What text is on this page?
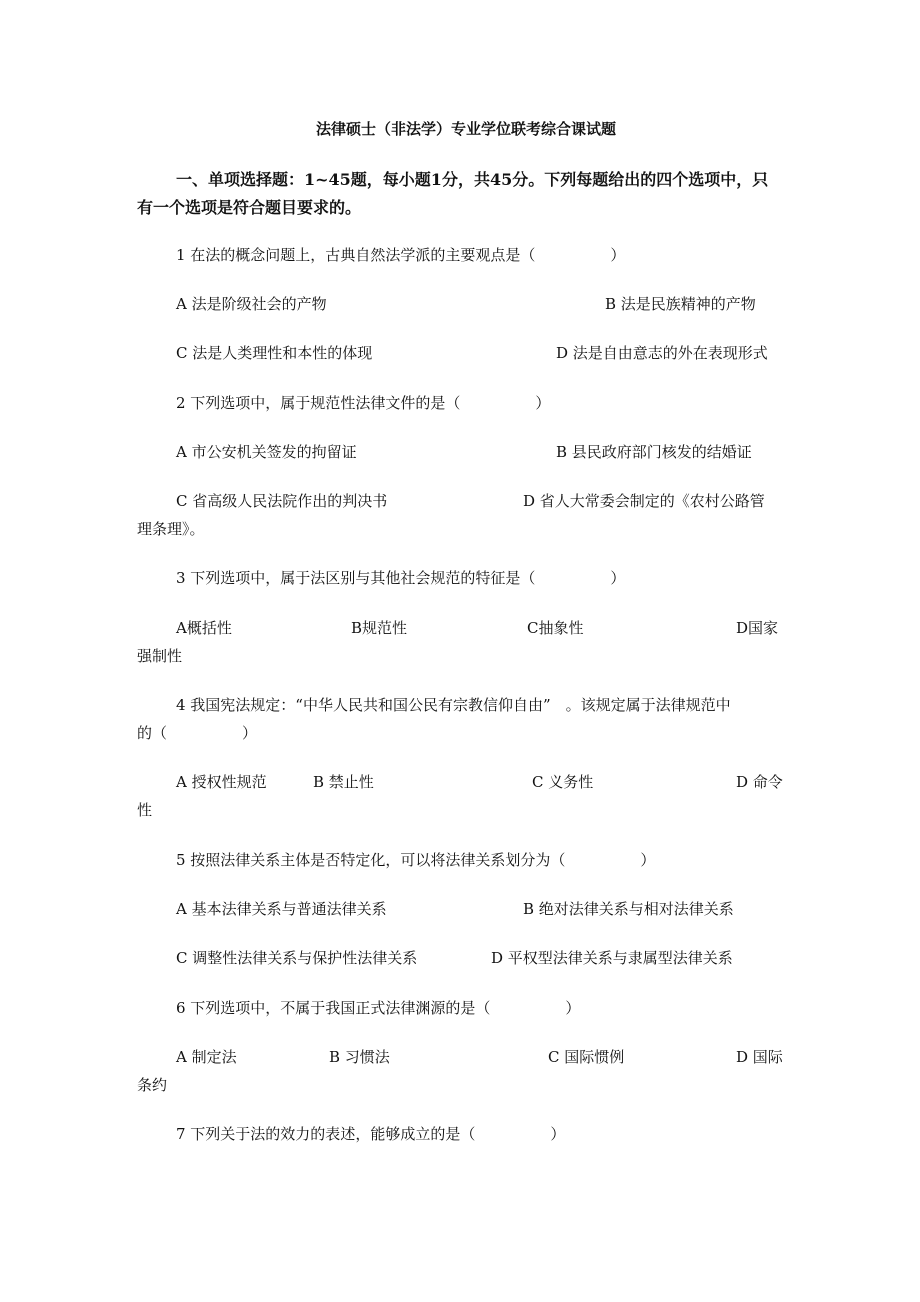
法律硕士（非法学）专业学位联考综合课试题
一、单项选择题：1~45题，每小题1分，共45分。下列每题给出的四个选项中，只
有一个选项是符合题目要求的。
1 在法的概念问题上，古典自然法学派的主要观点是（　　　　　）
A 法是阶级社会的产物	B 法是民族精神的产物
C 法是人类理性和本性的体现	D 法是自由意志的外在表现形式
2 下列选项中，属于规范性法律文件的是（　　　　　）
A 市公安机关签发的拘留证	B 县民政府部门核发的结婚证
C 省高级人民法院作出的判决书	D 省人大常委会制定的《农村公路管
理条理》。
3 下列选项中，属于法区别与其他社会规范的特征是（　　　　　）
A概括性	B规范性	C抽象性	D国家
强制性
4 我国宪法规定：“中华人民共和国公民有宗教信仰自由”　。该规定属于法律规范中
的（　　　　　）
A 授权性规范	B 禁止性	C 义务性	D 命令
性
5 按照法律关系主体是否特定化，可以将法律关系划分为（　　　　　）
A 基本法律关系与普通法律关系	B 绝对法律关系与相对法律关系
C 调整性法律关系与保护性法律关系	D 平权型法律关系与隶属型法律关系
6 下列选项中，不属于我国正式法律渊源的是（　　　　　）
A 制定法	B 习惯法	C 国际惯例	D 国际
条约
7 下列关于法的效力的表述，能够成立的是（　　　　　）
